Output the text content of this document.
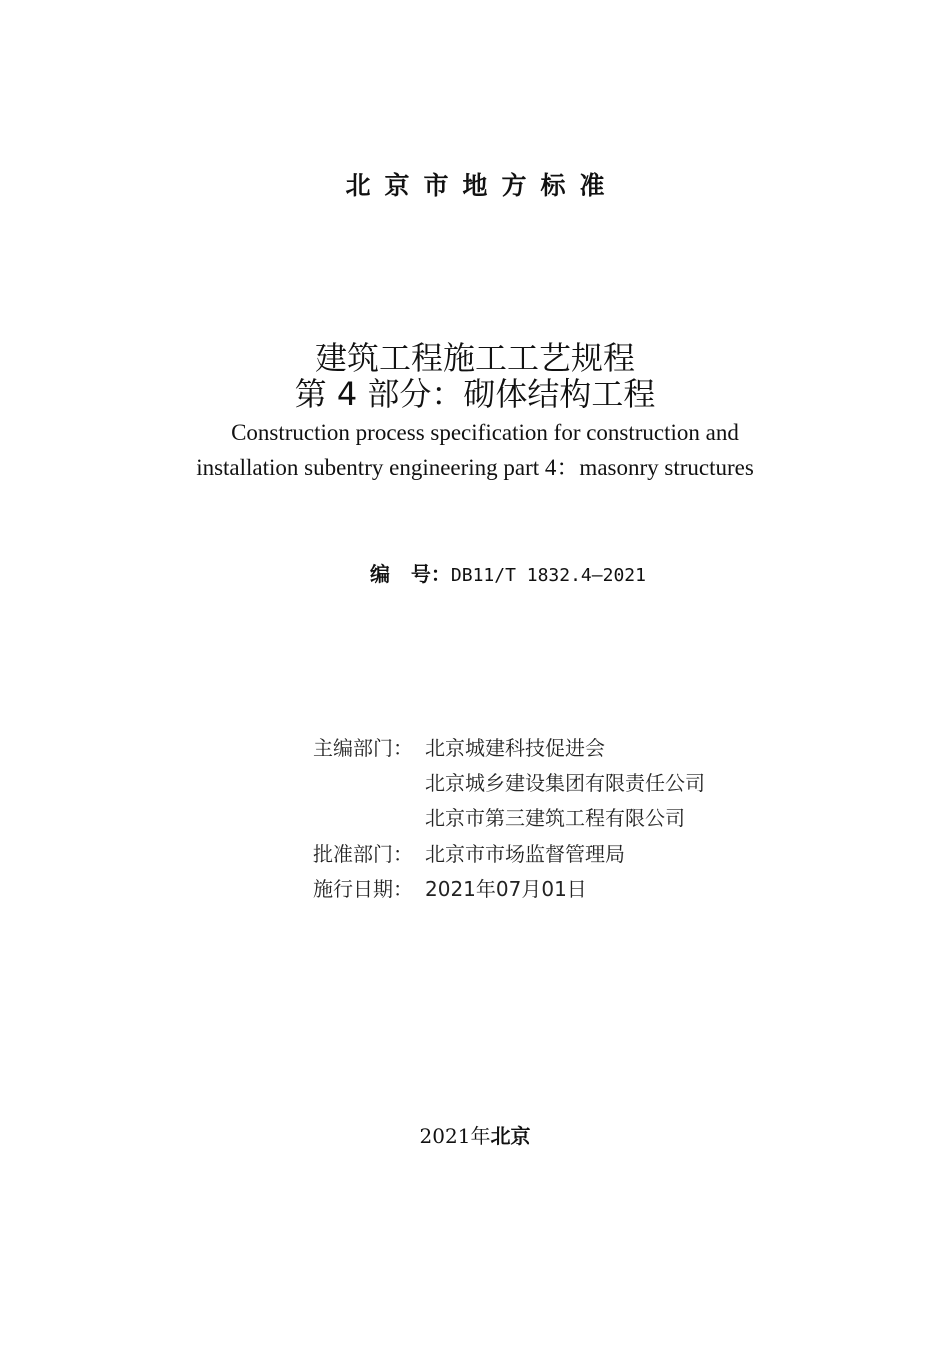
北京市地方标准
建筑工程施工工艺规程
第 4 部分：砌体结构工程
Construction process specification for construction and
installation subentry engineering part 4：masonry structures
编   号：DB11/T 1832.4—2021
主编部门： 北京城建科技促进会
北京城乡建设集团有限责任公司
北京市第三建筑工程有限公司
批准部门： 北京市市场监督管理局
施行日期： 2021年07月01日
2021年北京
